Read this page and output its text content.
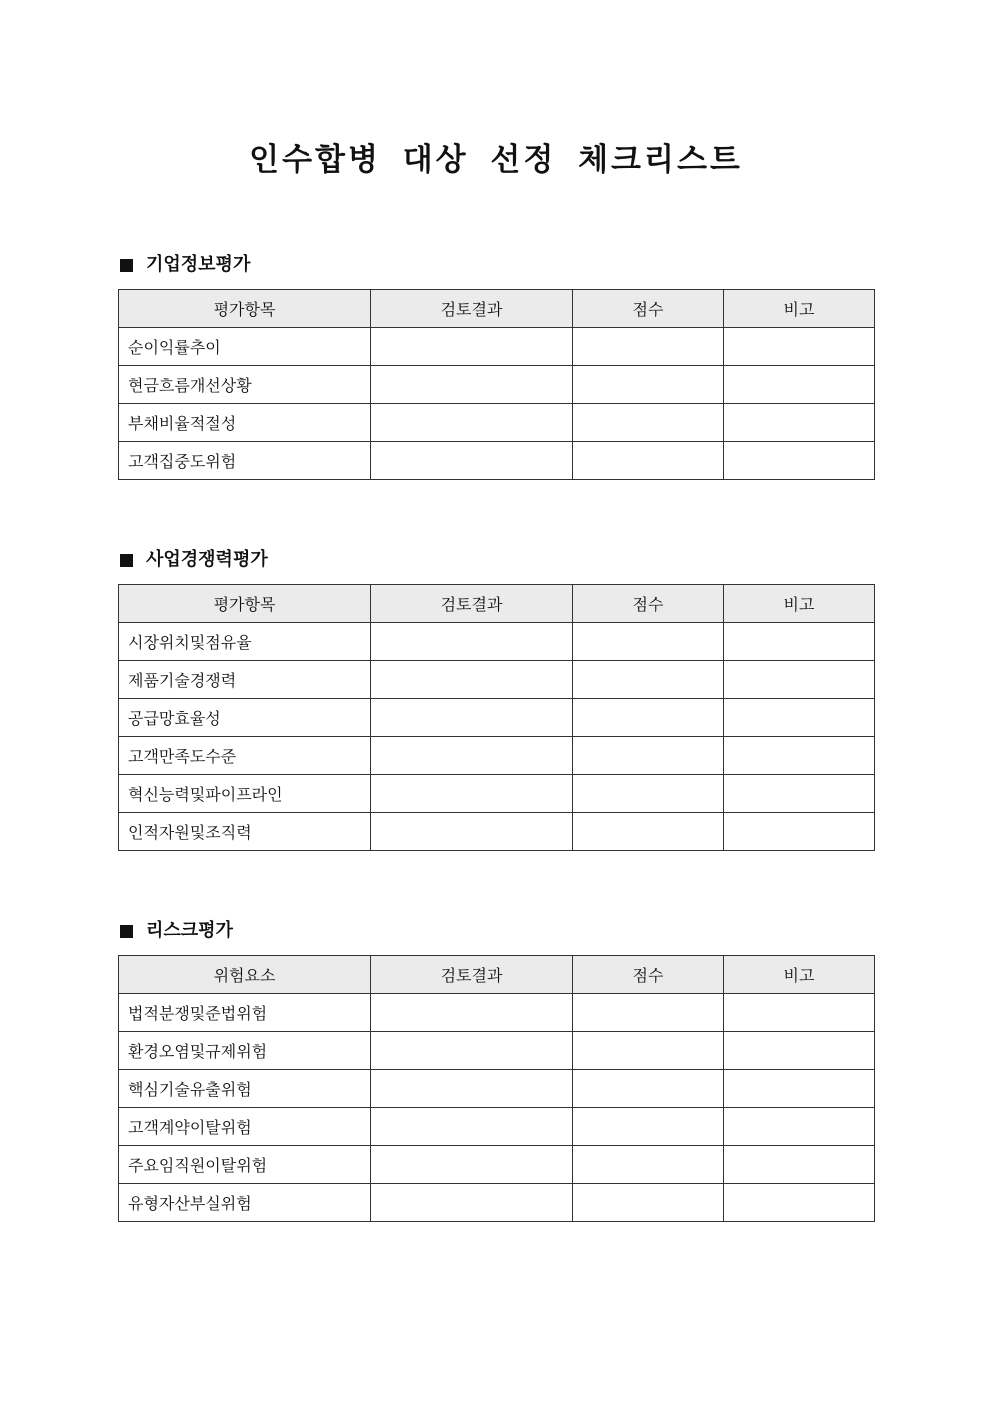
인수합병 대상 선정 체크리스트
기업정보평가
평가항목	검토결과	점수	비고
순이익률추이			
현금흐름개선상황			
부채비율적절성			
고객집중도위험			
사업경쟁력평가
평가항목	검토결과	점수	비고
시장위치및점유율			
제품기술경쟁력			
공급망효율성			
고객만족도수준			
혁신능력및파이프라인			
인적자원및조직력			
리스크평가
위험요소	검토결과	점수	비고
법적분쟁및준법위험			
환경오염및규제위험			
핵심기술유출위험			
고객계약이탈위험			
주요임직원이탈위험			
유형자산부실위험			
